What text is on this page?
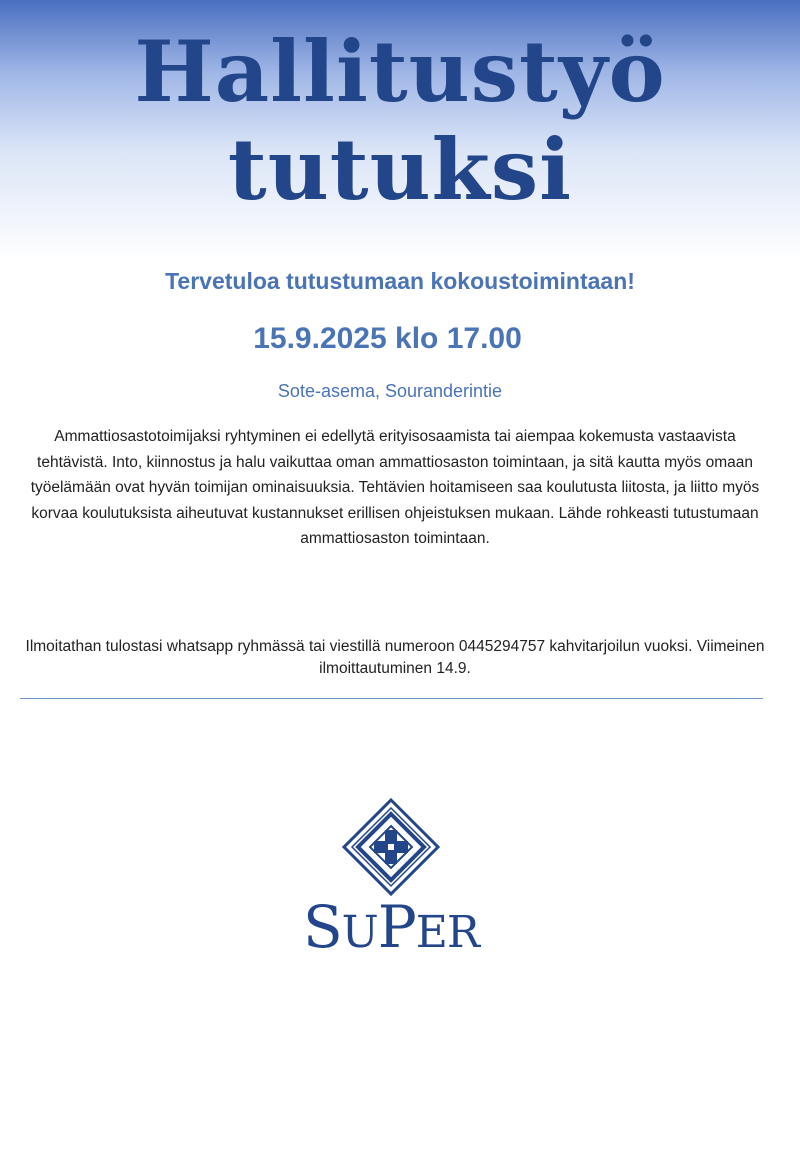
Hallitustyö
tutuksi
Tervetuloa tutustumaan kokoustoimintaan!
15.9.2025 klo 17.00
Sote-asema, Souranderintie

Ammattiosastotoimijaksi ryhtyminen ei edellytä erityisosaamista tai aiempaa kokemusta vastaavista tehtävistä. Into, kiinnostus ja halu vaikuttaa oman ammattiosaston toimintaan, ja sitä kautta myös omaan työelämään ovat hyvän toimijan ominaisuuksia. Tehtävien hoitamiseen saa koulutusta liitosta, ja liitto myös korvaa koulutuksista aiheutuvat kustannukset erillisen ohjeistuksen mukaan. Lähde rohkeasti tutustumaan ammattiosaston toimintaan.

Ilmoitathan tulostasi whatsapp ryhmässä tai viestillä numeroon 0445294757 kahvitarjoilun vuoksi. Viimeinen ilmoittautuminen 14.9.

SUPER
